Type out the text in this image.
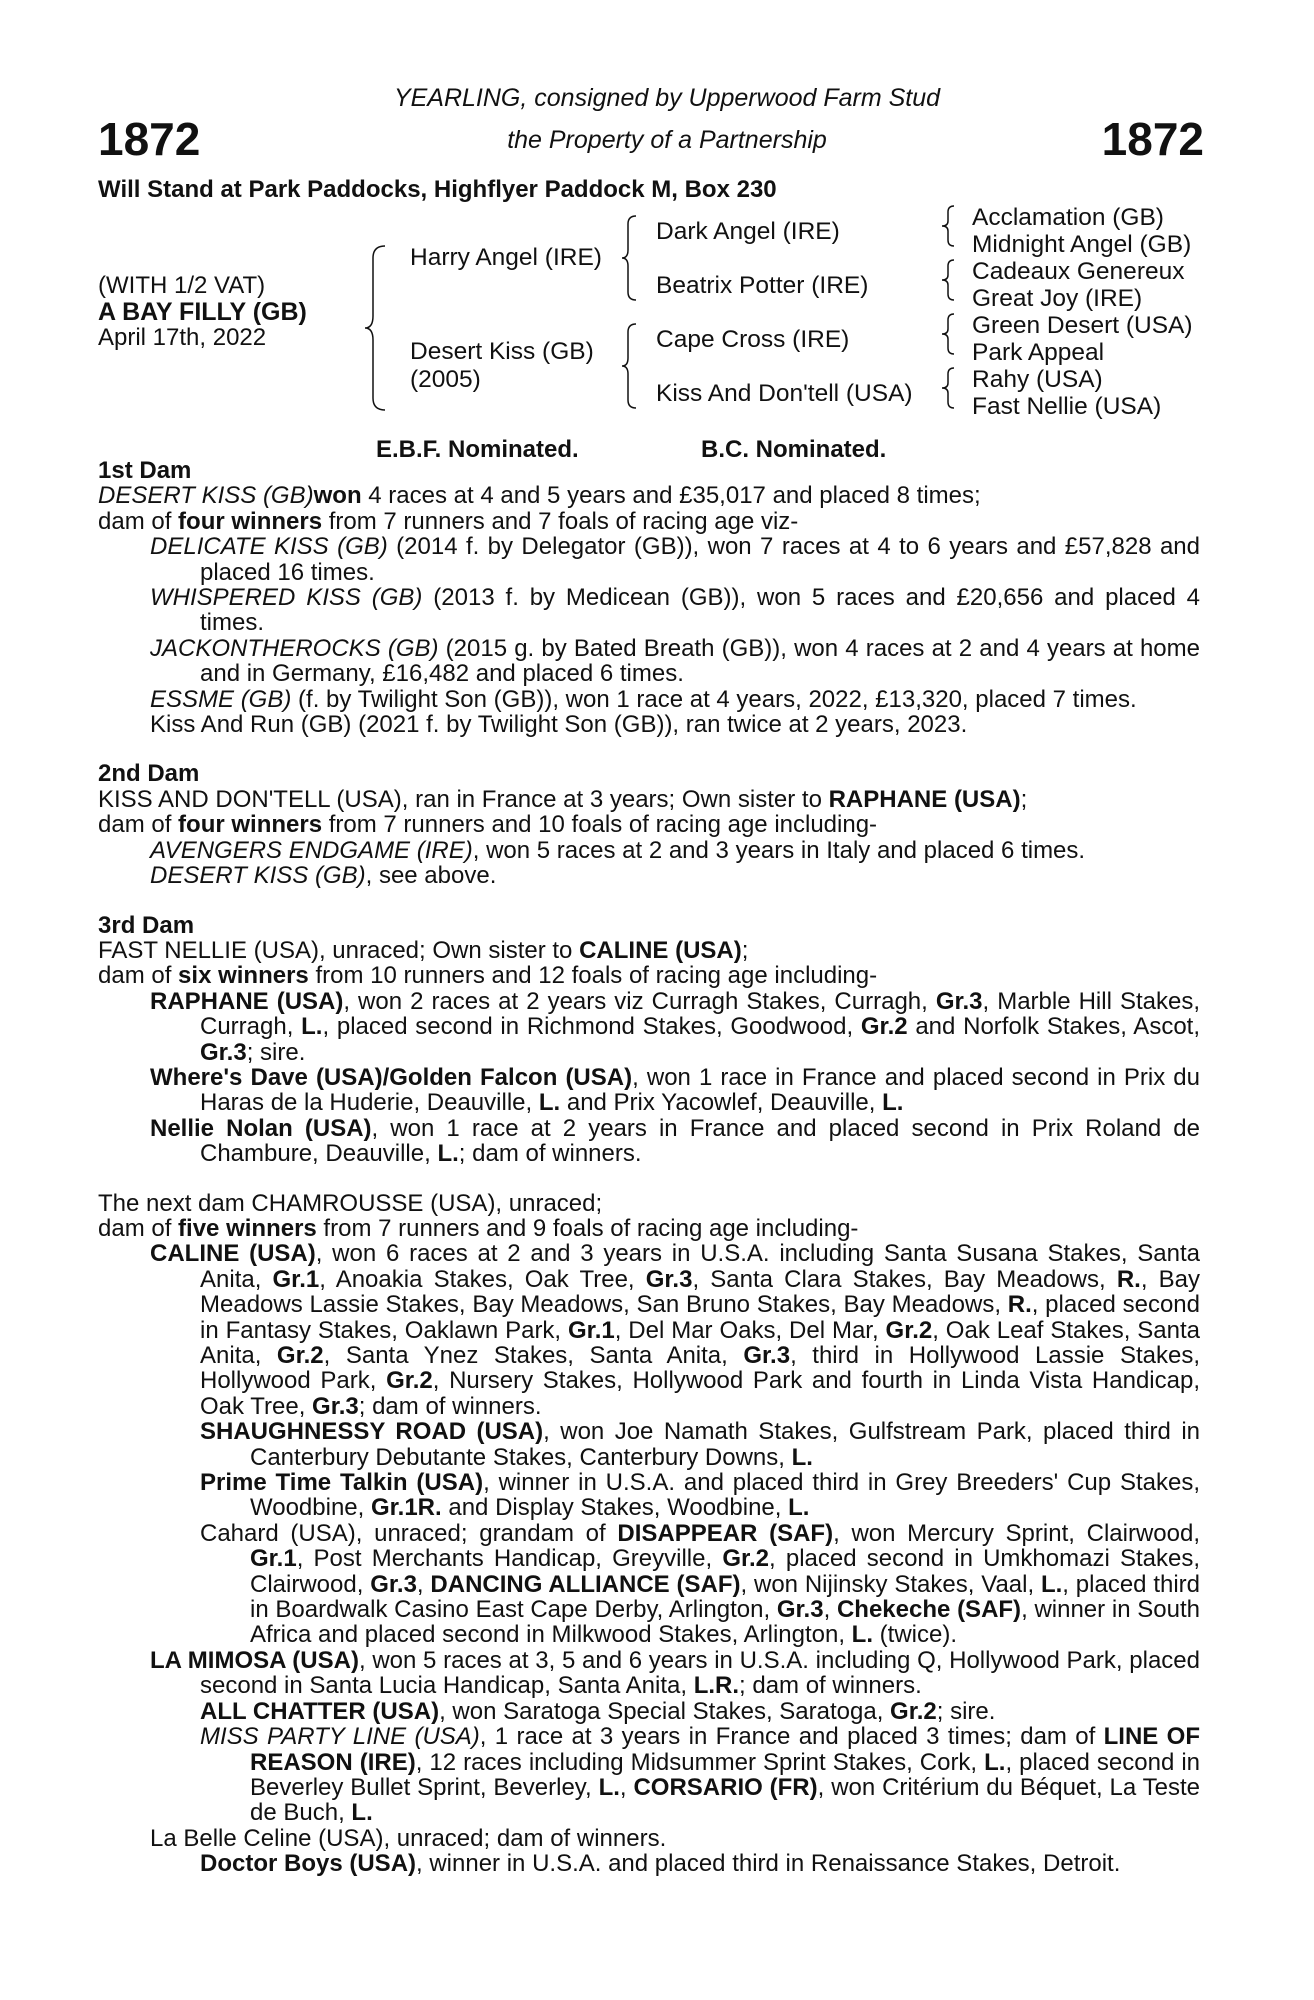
1872	1872
YEARLING, consigned by Upperwood Farm Stud
the Property of a Partnership
Will Stand at Park Paddocks, Highflyer Paddock M, Box 230
(WITH 1/2 VAT)
A BAY FILLY (GB)
April 17th, 2022
Harry Angel (IRE)
Desert Kiss (GB)
(2005)
Dark Angel (IRE)
Beatrix Potter (IRE)
Cape Cross (IRE)
Kiss And Don'tell (USA)
Acclamation (GB)
Midnight Angel (GB)
Cadeaux Genereux
Great Joy (IRE)
Green Desert (USA)
Park Appeal
Rahy (USA)
Fast Nellie (USA)
E.B.F. Nominated.	B.C. Nominated.

1st Dam

DESERT KISS (GB)won 4 races at 4 and 5 years and £35,017 and placed 8 times;

dam of four winners from 7 runners and 7 foals of racing age viz-

DELICATE KISS (GB) (2014 f. by Delegator (GB)), won 7 races at 4 to 6 years and £57,828 and placed 16 times.

WHISPERED KISS (GB) (2013 f. by Medicean (GB)), won 5 races and £20,656 and placed 4 times.

JACKONTHEROCKS (GB) (2015 g. by Bated Breath (GB)), won 4 races at 2 and 4 years at home and in Germany, £16,482 and placed 6 times.

ESSME (GB) (f. by Twilight Son (GB)), won 1 race at 4 years, 2022, £13,320, placed 7 times.

Kiss And Run (GB) (2021 f. by Twilight Son (GB)), ran twice at 2 years, 2023.

2nd Dam

KISS AND DON'TELL (USA), ran in France at 3 years; Own sister to RAPHANE (USA);

dam of four winners from 7 runners and 10 foals of racing age including-

AVENGERS ENDGAME (IRE), won 5 races at 2 and 3 years in Italy and placed 6 times.

DESERT KISS (GB), see above.

3rd Dam

FAST NELLIE (USA), unraced; Own sister to CALINE (USA);

dam of six winners from 10 runners and 12 foals of racing age including-

RAPHANE (USA), won 2 races at 2 years viz Curragh Stakes, Curragh, Gr.3, Marble Hill Stakes, Curragh, L., placed second in Richmond Stakes, Goodwood, Gr.2 and Norfolk Stakes, Ascot, Gr.3; sire.

Where's Dave (USA)/Golden Falcon (USA), won 1 race in France and placed second in Prix du Haras de la Huderie, Deauville, L. and Prix Yacowlef, Deauville, L.

Nellie Nolan (USA), won 1 race at 2 years in France and placed second in Prix Roland de Chambure, Deauville, L.; dam of winners.

The next dam CHAMROUSSE (USA), unraced;

dam of five winners from 7 runners and 9 foals of racing age including-

CALINE (USA), won 6 races at 2 and 3 years in U.S.A. including Santa Susana Stakes, Santa Anita, Gr.1, Anoakia Stakes, Oak Tree, Gr.3, Santa Clara Stakes, Bay Meadows, R., Bay Meadows Lassie Stakes, Bay Meadows, San Bruno Stakes, Bay Meadows, R., placed second in Fantasy Stakes, Oaklawn Park, Gr.1, Del Mar Oaks, Del Mar, Gr.2, Oak Leaf Stakes, Santa Anita, Gr.2, Santa Ynez Stakes, Santa Anita, Gr.3, third in Hollywood Lassie Stakes, Hollywood Park, Gr.2, Nursery Stakes, Hollywood Park and fourth in Linda Vista Handicap, Oak Tree, Gr.3; dam of winners.

SHAUGHNESSY ROAD (USA), won Joe Namath Stakes, Gulfstream Park, placed third in Canterbury Debutante Stakes, Canterbury Downs, L.

Prime Time Talkin (USA), winner in U.S.A. and placed third in Grey Breeders' Cup Stakes, Woodbine, Gr.1R. and Display Stakes, Woodbine, L.

Cahard (USA), unraced; grandam of DISAPPEAR (SAF), won Mercury Sprint, Clairwood, Gr.1, Post Merchants Handicap, Greyville, Gr.2, placed second in Umkhomazi Stakes, Clairwood, Gr.3, DANCING ALLIANCE (SAF), won Nijinsky Stakes, Vaal, L., placed third in Boardwalk Casino East Cape Derby, Arlington, Gr.3, Chekeche (SAF), winner in South Africa and placed second in Milkwood Stakes, Arlington, L. (twice).

LA MIMOSA (USA), won 5 races at 3, 5 and 6 years in U.S.A. including Q, Hollywood Park, placed second in Santa Lucia Handicap, Santa Anita, L.R.; dam of winners.

ALL CHATTER (USA), won Saratoga Special Stakes, Saratoga, Gr.2; sire.

MISS PARTY LINE (USA), 1 race at 3 years in France and placed 3 times; dam of LINE OF REASON (IRE), 12 races including Midsummer Sprint Stakes, Cork, L., placed second in Beverley Bullet Sprint, Beverley, L., CORSARIO (FR), won Critérium du Béquet, La Teste de Buch, L.

La Belle Celine (USA), unraced; dam of winners.

Doctor Boys (USA), winner in U.S.A. and placed third in Renaissance Stakes, Detroit.
